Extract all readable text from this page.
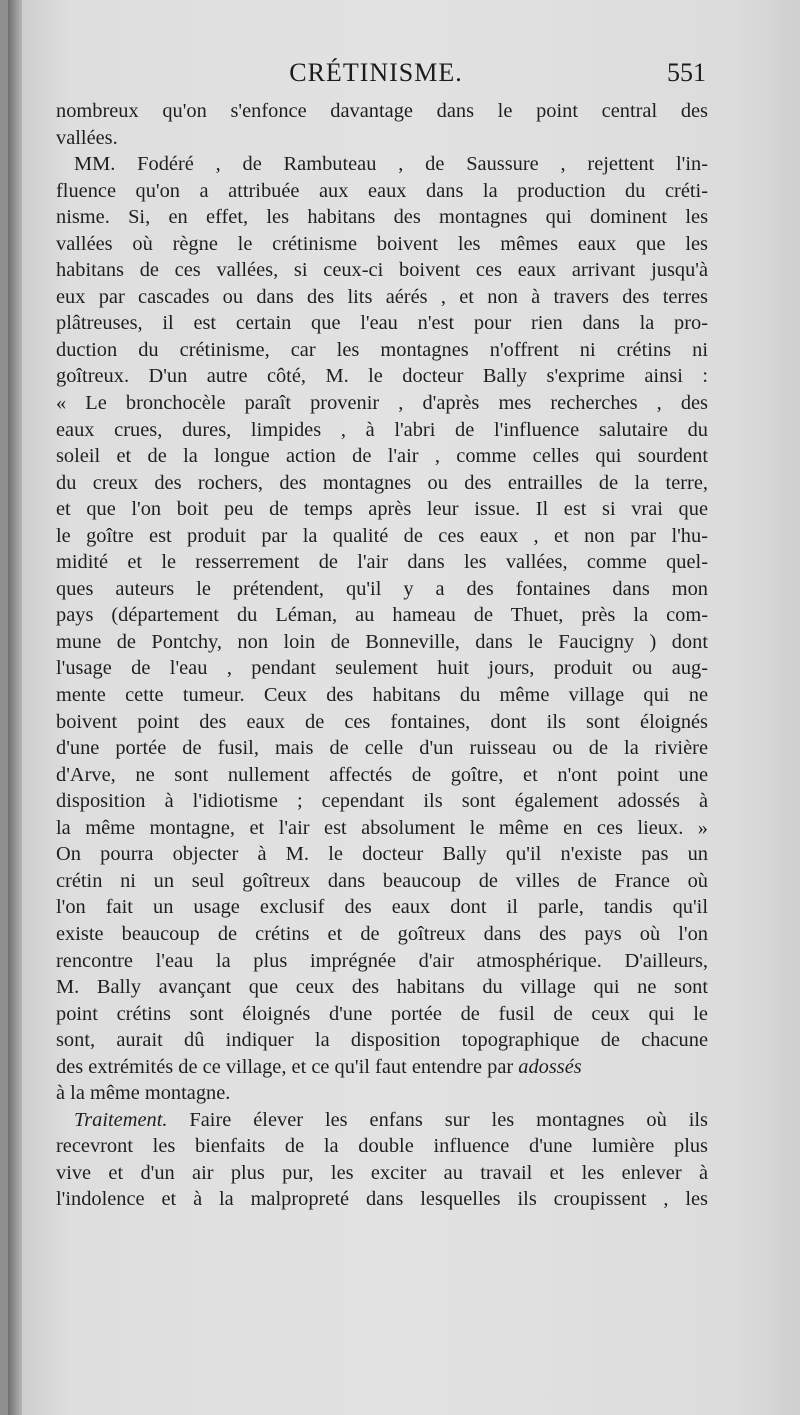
CRÉTINISME.	551
nombreux qu'on s'enfonce davantage dans le point central des
vallées.
MM. Fodéré , de Rambuteau , de Saussure , rejettent l'in-
fluence qu'on a attribuée aux eaux dans la production du créti-
nisme. Si, en effet, les habitans des montagnes qui dominent les
vallées où règne le crétinisme boivent les mêmes eaux que les
habitans de ces vallées, si ceux-ci boivent ces eaux arrivant jusqu'à
eux par cascades ou dans des lits aérés , et non à travers des terres
plâtreuses, il est certain que l'eau n'est pour rien dans la pro-
duction du crétinisme, car les montagnes n'offrent ni crétins ni
goîtreux. D'un autre côté, M. le docteur Bally s'exprime ainsi :
« Le bronchocèle paraît provenir , d'après mes recherches , des
eaux crues, dures, limpides , à l'abri de l'influence salutaire du
soleil et de la longue action de l'air , comme celles qui sourdent
du creux des rochers, des montagnes ou des entrailles de la terre,
et que l'on boit peu de temps après leur issue. Il est si vrai que
le goître est produit par la qualité de ces eaux , et non par l'hu-
midité et le resserrement de l'air dans les vallées, comme quel-
ques auteurs le prétendent, qu'il y a des fontaines dans mon
pays (département du Léman, au hameau de Thuet, près la com-
mune de Pontchy, non loin de Bonneville, dans le Faucigny ) dont
l'usage de l'eau , pendant seulement huit jours, produit ou aug-
mente cette tumeur. Ceux des habitans du même village qui ne
boivent point des eaux de ces fontaines, dont ils sont éloignés
d'une portée de fusil, mais de celle d'un ruisseau ou de la rivière
d'Arve, ne sont nullement affectés de goître, et n'ont point une
disposition à l'idiotisme ; cependant ils sont également adossés à
la même montagne, et l'air est absolument le même en ces lieux. »
On pourra objecter à M. le docteur Bally qu'il n'existe pas un
crétin ni un seul goîtreux dans beaucoup de villes de France où
l'on fait un usage exclusif des eaux dont il parle, tandis qu'il
existe beaucoup de crétins et de goîtreux dans des pays où l'on
rencontre l'eau la plus imprégnée d'air atmosphérique. D'ailleurs,
M. Bally avançant que ceux des habitans du village qui ne sont
point crétins sont éloignés d'une portée de fusil de ceux qui le
sont, aurait dû indiquer la disposition topographique de chacune
des extrémités de ce village, et ce qu'il faut entendre par adossés
à la même montagne.
Traitement. Faire élever les enfans sur les montagnes où ils
recevront les bienfaits de la double influence d'une lumière plus
vive et d'un air plus pur, les exciter au travail et les enlever à
l'indolence et à la malpropreté dans lesquelles ils croupissent , les
